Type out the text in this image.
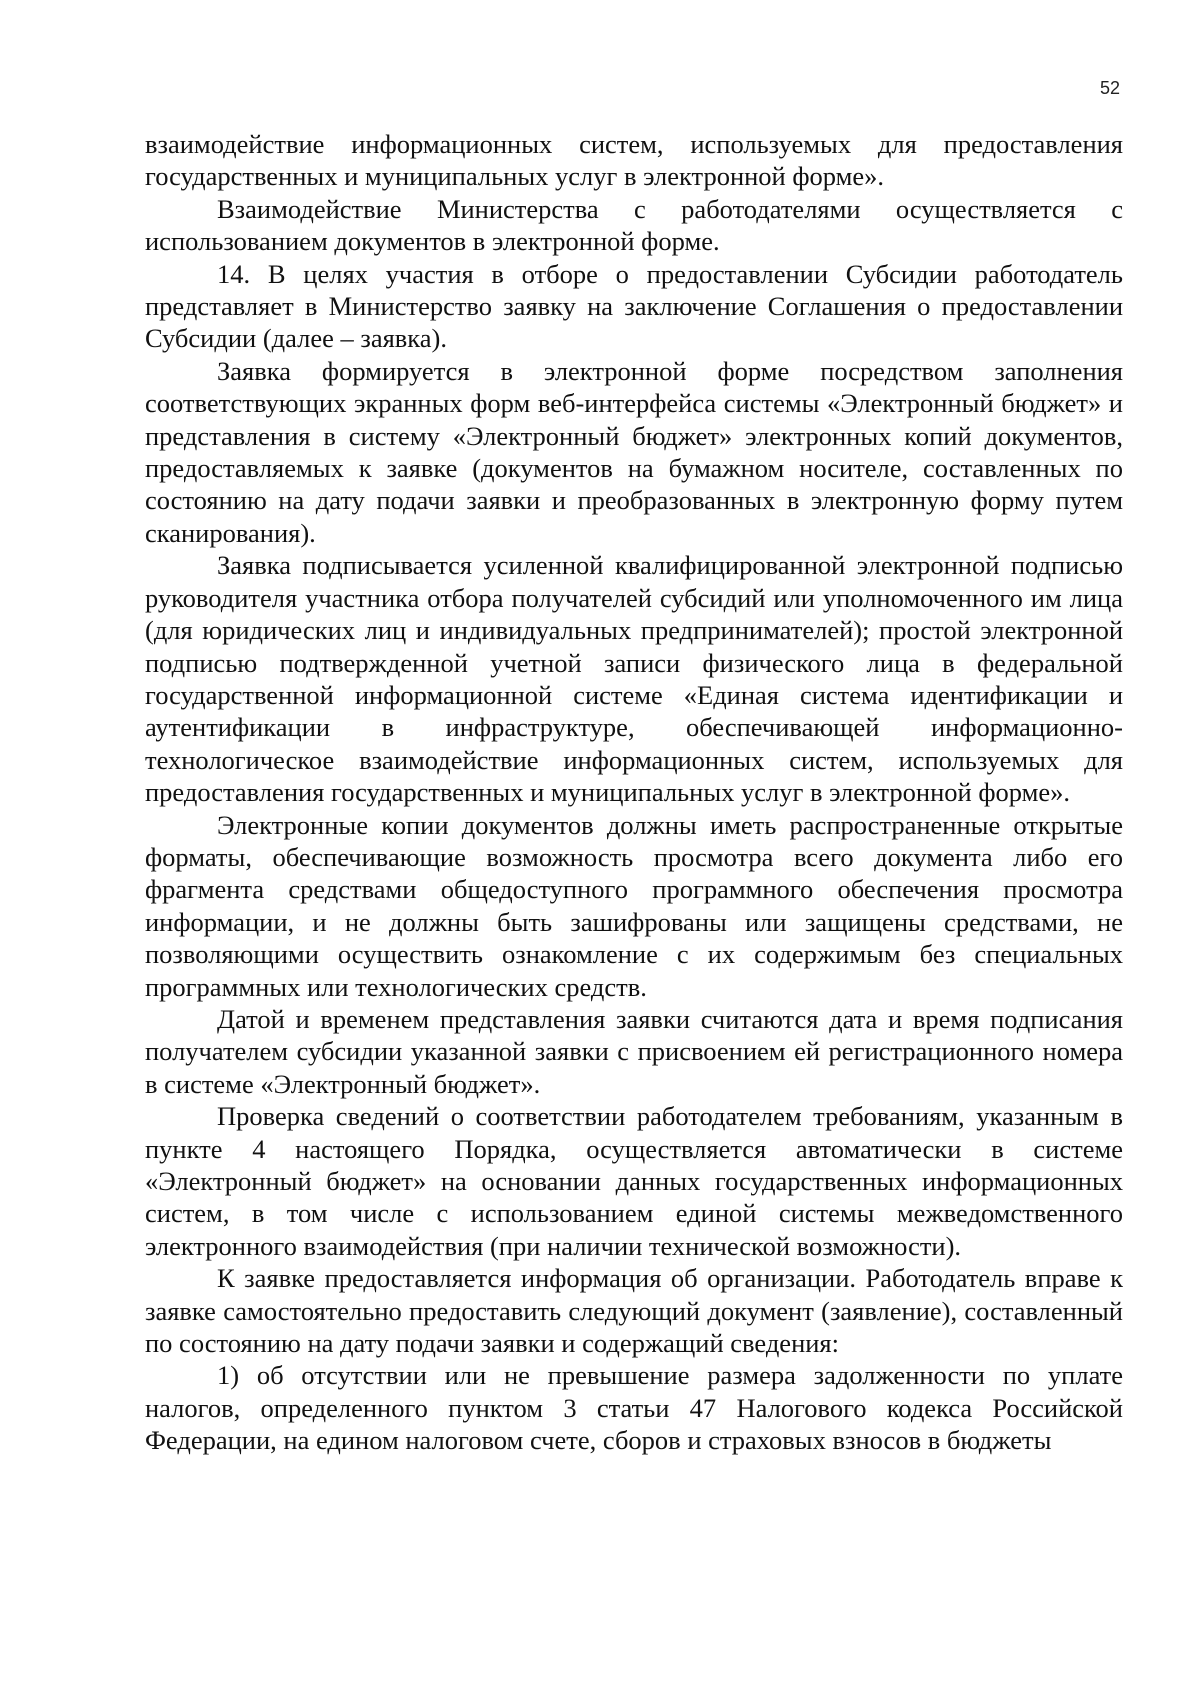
52

взаимодействие информационных систем, используемых для предоставления государственных и муниципальных услуг в электронной форме».

Взаимодействие Министерства с работодателями осуществляется с использованием документов в электронной форме.

14. В целях участия в отборе о предоставлении Субсидии работодатель представляет в Министерство заявку на заключение Соглашения о предоставлении Субсидии (далее – заявка).

Заявка формируется в электронной форме посредством заполнения соответствующих экранных форм веб-интерфейса системы «Электронный бюджет» и представления в систему «Электронный бюджет» электронных копий документов, предоставляемых к заявке (документов на бумажном носителе, составленных по состоянию на дату подачи заявки и преобразованных в электронную форму путем сканирования).

Заявка подписывается усиленной квалифицированной электронной подписью руководителя участника отбора получателей субсидий или уполномоченного им лица (для юридических лиц и индивидуальных предпринимателей); простой электронной подписью подтвержденной учетной записи физического лица в федеральной государственной информационной системе «Единая система идентификации и аутентификации в инфраструктуре, обеспечивающей информационно-технологическое взаимодействие информационных систем, используемых для предоставления государственных и муниципальных услуг в электронной форме».

Электронные копии документов должны иметь распространенные открытые форматы, обеспечивающие возможность просмотра всего документа либо его фрагмента средствами общедоступного программного обеспечения просмотра информации, и не должны быть зашифрованы или защищены средствами, не позволяющими осуществить ознакомление с их содержимым без специальных программных или технологических средств.

Датой и временем представления заявки считаются дата и время подписания получателем субсидии указанной заявки с присвоением ей регистрационного номера в системе «Электронный бюджет».

Проверка сведений о соответствии работодателем требованиям, указанным в пункте 4 настоящего Порядка, осуществляется автоматически в системе «Электронный бюджет» на основании данных государственных информационных систем, в том числе с использованием единой системы межведомственного электронного взаимодействия (при наличии технической возможности).

К заявке предоставляется информация об организации. Работодатель вправе к заявке самостоятельно предоставить следующий документ (заявление), составленный по состоянию на дату подачи заявки и содержащий сведения:

1) об отсутствии или не превышение размера задолженности по уплате налогов, определенного пунктом 3 статьи 47 Налогового кодекса Российской Федерации, на едином налоговом счете, сборов и страховых взносов в бюджеты
